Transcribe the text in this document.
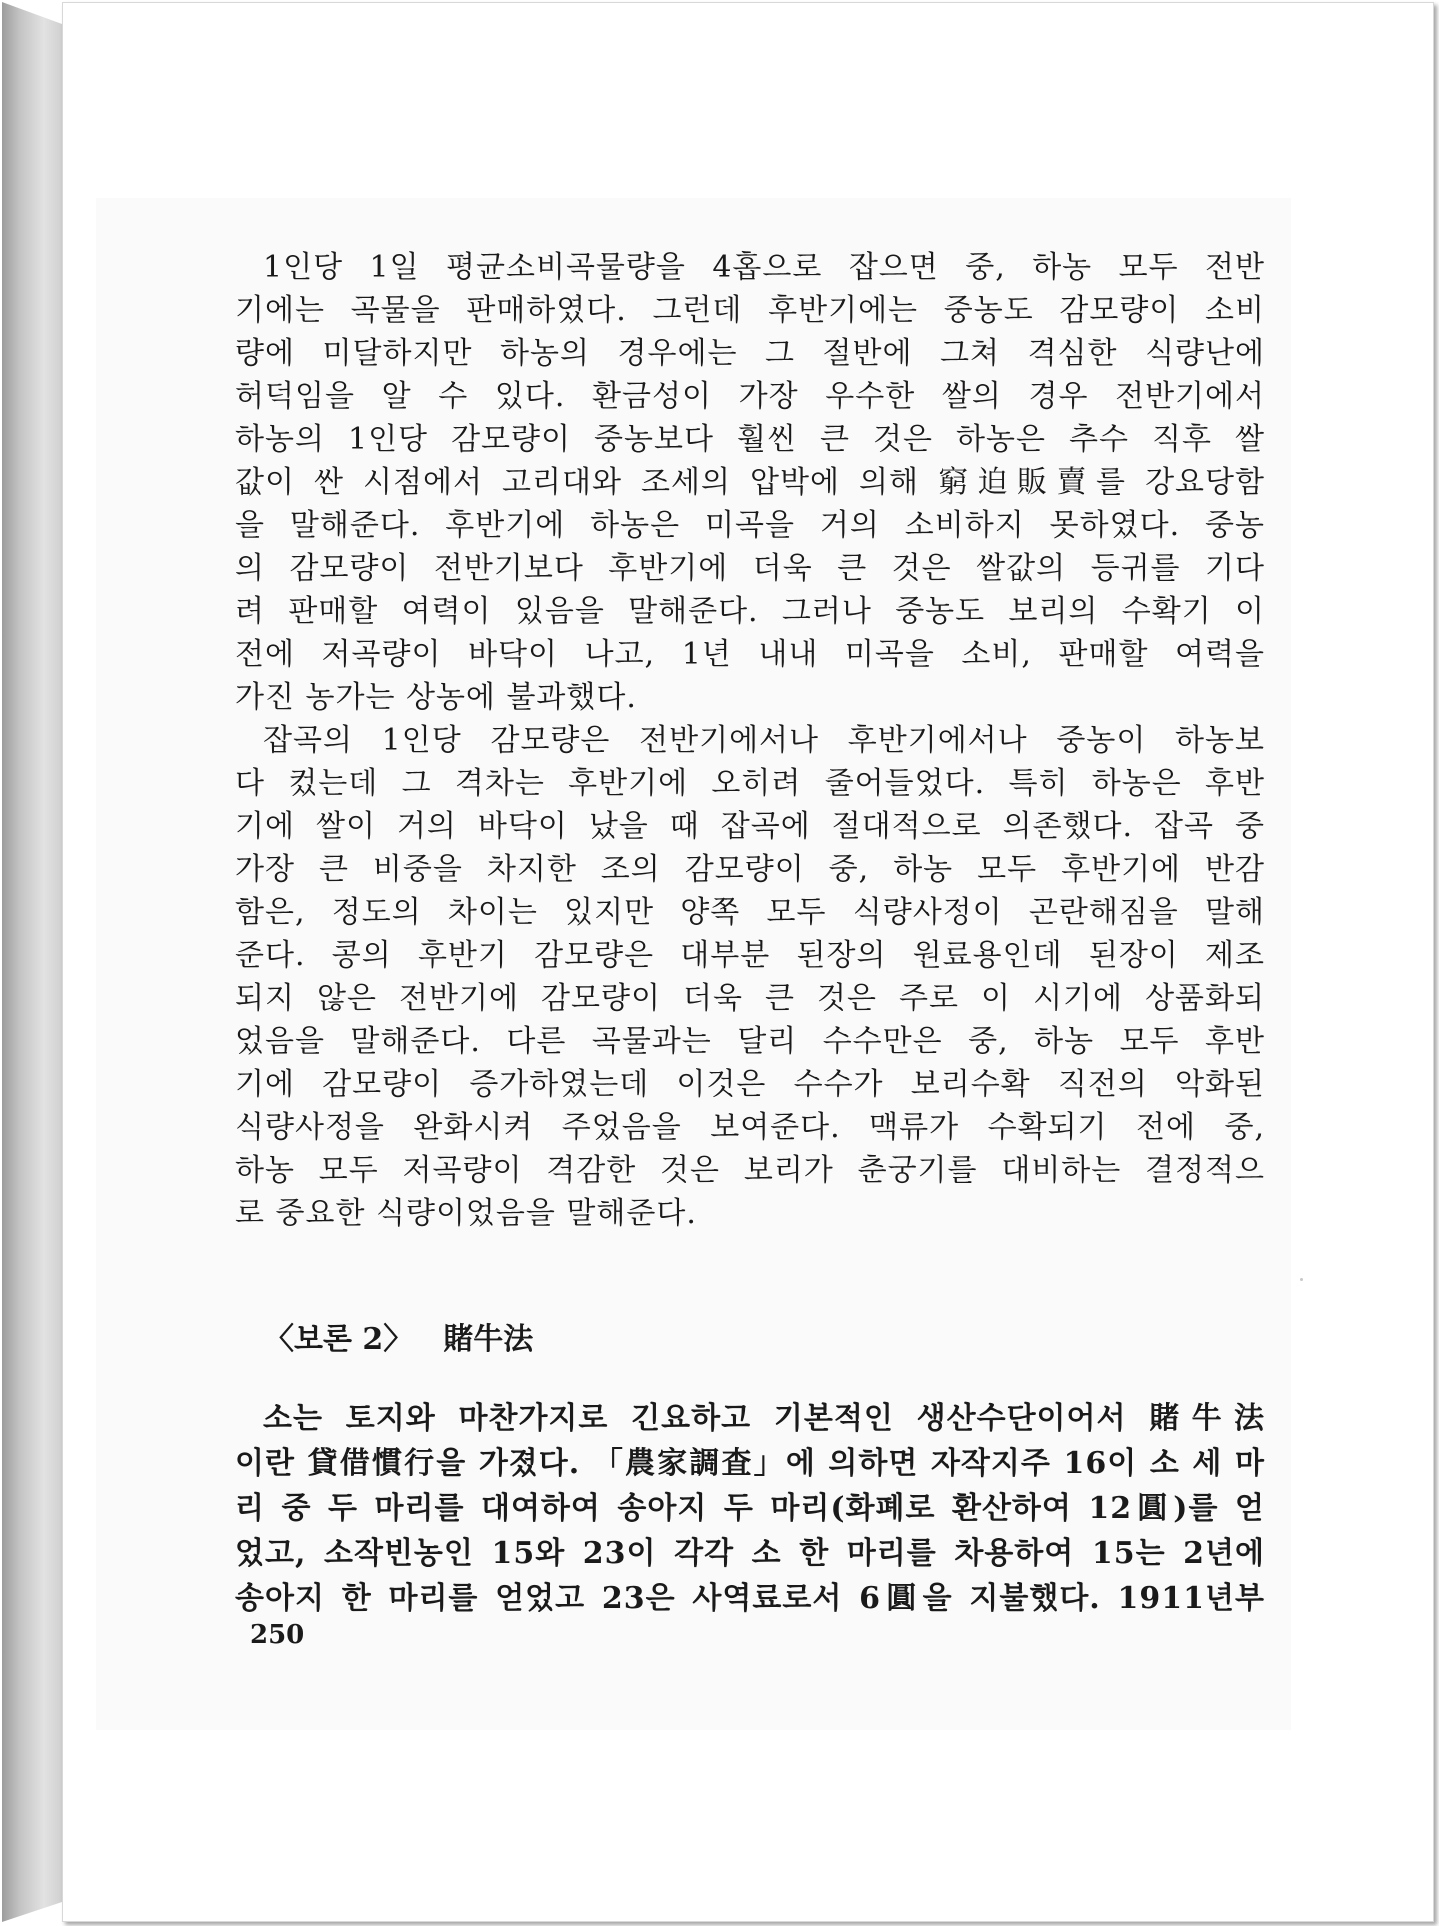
1인당 1일 평균소비곡물량을 4홉으로 잡으면 중, 하농 모두 전반
기에는 곡물을 판매하였다. 그런데 후반기에는 중농도 감모량이 소비
량에 미달하지만 하농의 경우에는 그 절반에 그쳐 격심한 식량난에
허덕임을 알 수 있다. 환금성이 가장 우수한 쌀의 경우 전반기에서
하농의 1인당 감모량이 중농보다 훨씬 큰 것은 하농은 추수 직후 쌀
값이 싼 시점에서 고리대와 조세의 압박에 의해 窮迫販賣를 강요당함
을 말해준다. 후반기에 하농은 미곡을 거의 소비하지 못하였다. 중농
의 감모량이 전반기보다 후반기에 더욱 큰 것은 쌀값의 등귀를 기다
려 판매할 여력이 있음을 말해준다. 그러나 중농도 보리의 수확기 이
전에 저곡량이 바닥이 나고, 1년 내내 미곡을 소비, 판매할 여력을
가진 농가는 상농에 불과했다.
잡곡의 1인당 감모량은 전반기에서나 후반기에서나 중농이 하농보
다 컸는데 그 격차는 후반기에 오히려 줄어들었다. 특히 하농은 후반
기에 쌀이 거의 바닥이 났을 때 잡곡에 절대적으로 의존했다. 잡곡 중
가장 큰 비중을 차지한 조의 감모량이 중, 하농 모두 후반기에 반감
함은, 정도의 차이는 있지만 양쪽 모두 식량사정이 곤란해짐을 말해
준다. 콩의 후반기 감모량은 대부분 된장의 원료용인데 된장이 제조
되지 않은 전반기에 감모량이 더욱 큰 것은 주로 이 시기에 상품화되
었음을 말해준다. 다른 곡물과는 달리 수수만은 중, 하농 모두 후반
기에 감모량이 증가하였는데 이것은 수수가 보리수확 직전의 악화된
식량사정을 완화시켜 주었음을 보여준다. 맥류가 수확되기 전에 중,
하농 모두 저곡량이 격감한 것은 보리가 춘궁기를 대비하는 결정적으
로 중요한 식량이었음을 말해준다.
〈보론 2〉 賭牛法
소는 토지와 마찬가지로 긴요하고 기본적인 생산수단이어서 賭牛法
이란 貸借慣行을 가졌다. 「農家調査」에 의하면 자작지주 16이 소 세 마
리 중 두 마리를 대여하여 송아지 두 마리(화폐로 환산하여 12圓)를 얻
었고, 소작빈농인 15와 23이 각각 소 한 마리를 차용하여 15는 2년에
송아지 한 마리를 얻었고 23은 사역료로서 6圓을 지불했다. 1911년부
250
